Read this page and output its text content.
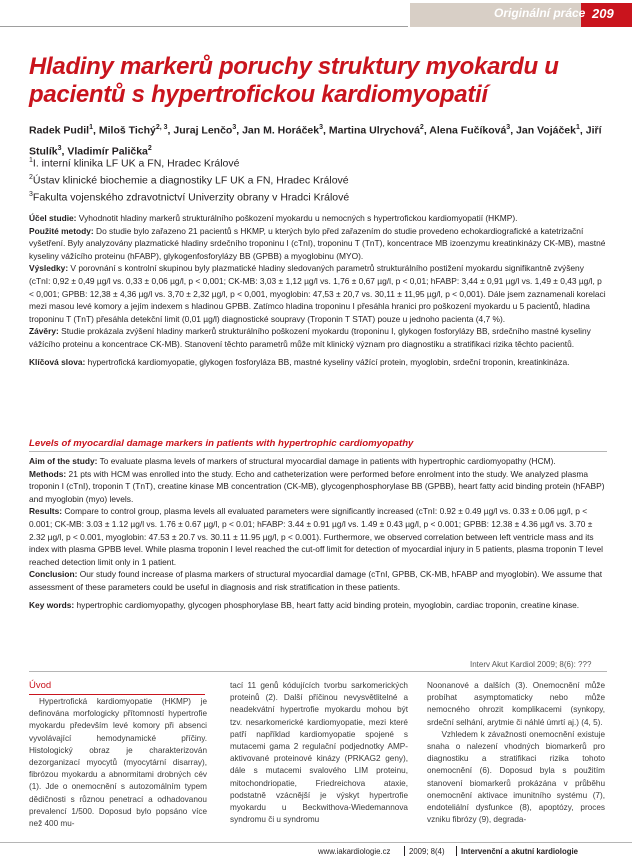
Originální práce 209
Hladiny markerů poruchy struktury myokardu u pacientů s hypertrofickou kardiomyopatií

Radek Pudil$^1$, Miloš Tichý$^{2, 3}$, Juraj Lenčo$^3$, Jan M. Horáček$^3$, Martina Ulrychová$^2$, Alena Fučíková$^3$, Jan Vojáček$^1$, Jiří Stulík$^3$, Vladimír Palička$^2$

$^1$I. interní klinika LF UK a FN, Hradec Králové
$^2$Ústav klinické biochemie a diagnostiky LF UK a FN, Hradec Králové
$^3$Fakulta vojenského zdravotnictví Univerzity obrany v Hradci Králové
Účel studie: Vyhodnotit hladiny markerů strukturálního poškození myokardu u nemocných s hypertrofickou kardiomyopatií (HKMP).
Použité metody: Do studie bylo zařazeno 21 pacientů s HKMP, u kterých bylo před zařazením do studie provedeno echokardiografické a katetrizační vyšetření. Byly analyzovány plazmatické hladiny srdečního troponinu I (cTnI), troponinu T (TnT), koncentrace MB izoenzymu kreatinkinázy CK-MB), mastné kyseliny vážícího proteinu (hFABP), glykogenfosforylázy BB (GPBB) a myoglobinu (MYO).
Výsledky: V porovnání s kontrolní skupinou byly plazmatické hladiny sledovaných parametrů strukturálního postižení myokardu signifikantně zvýšeny (cTnI: 0,92 ± 0,49 µg/l vs. 0,33 ± 0,06 µg/l, p < 0,001; CK-MB: 3,03 ± 1,12 µg/l vs. 1,76 ± 0,67 µg/l, p < 0,01; hFABP: 3,44 ± 0,91 µg/l vs. 1,49 ± 0,43 µg/l, p < 0,001; GPBB: 12,38 ± 4,36 µg/l vs. 3,70 ± 2,32 µg/l, p < 0,001, myoglobin: 47,53 ± 20,7 vs. 30,11 ± 11,95 µg/l, p < 0,001). Dále jsem zaznamenali korelaci mezi masou levé komory a jejím indexem s hladinou GPBB. Zatímco hladina troponinu I přesáhla hranici pro poškození myokardu u 5 pacientů, hladina troponinu T (TnT) přesáhla detekční limit (0,01 µg/l) diagnostické soupravy (Troponin T STAT) pouze u jednoho pacienta (4,7 %).
Závěry: Studie prokázala zvýšení hladiny markerů strukturálního poškození myokardu (troponinu I, glykogen fosforylázy BB, srdečního mastné kyseliny vážícího proteinu a koncentrace CK-MB). Stanovení těchto parametrů může mít klinický význam pro diagnostiku a stratifikaci rizika těchto pacientů.
Klíčová slova: hypertrofická kardiomyopatie, glykogen fosforyláza BB, mastné kyseliny vážící protein, myoglobin, srdeční troponin, kreatinkináza.
Levels of myocardial damage markers in patients with hypertrophic cardiomyopathy
Aim of the study: To evaluate plasma levels of markers of structural myocardial damage in patients with hypertrophic cardiomyopathy (HCM).
Methods: 21 pts with HCM was enrolled into the study. Echo and catheterization were performed before enrolment into the study. We analyzed plasma troponin I (cTnI), troponin T (TnT), creatine kinase MB concentration (CK-MB), glycogenphosphorylase BB (GPBB), heart fatty acid binding protein (hFABP) and myoglobin (myo) levels.
Results: Compare to control group, plasma levels all evaluated parameters were significantly increased (cTnI: 0.92 ± 0.49 µg/l vs. 0.33 ± 0.06 µg/l, p < 0.001; CK-MB: 3.03 ± 1.12 µg/l vs. 1.76 ± 0.67 µg/l, p < 0.01; hFABP: 3.44 ± 0.91 µg/l vs. 1.49 ± 0.43 µg/l, p < 0.001; GPBB: 12.38 ± 4.36 µg/l vs. 3.70 ± 2.32 µg/l, p < 0.001, myoglobin: 47.53 ± 20.7 vs. 30.11 ± 11.95 µg/l, p < 0.001). Furthermore, we observed correlation between left ventricle mass and its index with plasma GPBB level. While plasma troponin I level reached the cut-off limit for detection of myocardial injury in 5 patients, plasma troponin T level reached detection limit only in 1 patient.
Conclusion: Our study found increase of plasma markers of structural myocardial damage (cTnI, GPBB, CK-MB, hFABP and myoglobin). We assume that assessment of these parameters could be useful in diagnosis and risk stratification in these patients.
Key words: hypertrophic cardiomyopathy, glycogen phosphorylase BB, heart fatty acid binding protein, myoglobin, cardiac troponin, creatine kinase.
Interv Akut Kardiol 2009; 8(6): ???
Úvod

Hypertrofická kardiomyopatie (HKMP) je definována morfologicky přítomností hypertrofie myokardu především levé komory při absenci vyvolávající hemodynamické příčiny. Histologický obraz je charakterizován dezorganizací myocytů (myocytární disarray), fibrózou myokardu a abnormitami drobných cév (1). Jde o onemocnění s autozomálním typem dědičnosti s různou penetrací a odhadovanou prevalencí 1/500. Doposud bylo popsáno více než 400 mu-

tací 11 genů kódujících tvorbu sarkomerických proteinů (2). Další příčinou nevysvětlitelné a neadekvátní hypertrofie myokardu mohou být tzv. nesarkomerické kardiomyopatie, mezi které patří například kardiomyopatie spojené s mutacemi gama 2 regulační podjednotky AMP-aktivované proteinové kinázy (PRKAG2 geny), dále s mutacemi svalového LIM proteinu, mitochondriopatie, Friedreichova ataxie, podstatně vzácnější je výskyt hypertrofie myokardu u Beckwithova-Wiedemannova syndromu či u syndromu

Noonanové a dalších (3). Onemocnění může probíhat asymptomaticky nebo může nemocného ohrozit komplikacemi (synkopy, srdeční selhání, arytmie či náhlé úmrtí aj.) (4, 5).
Vzhledem k závažnosti onemocnění existuje snaha o nalezení vhodných biomarkerů pro diagnostiku a stratifikaci rizika tohoto onemocnění (6). Doposud byla s použitím stanovení biomarkerů prokázána v průběhu onemocnění aktivace imunitního systému (7), endoteliální dysfunkce (8), apoptózy, proces vzniku fibrózy (9), degrada-

www.iakardiologie.cz 2009; 8(4) Intervenční a akutní kardiologie
